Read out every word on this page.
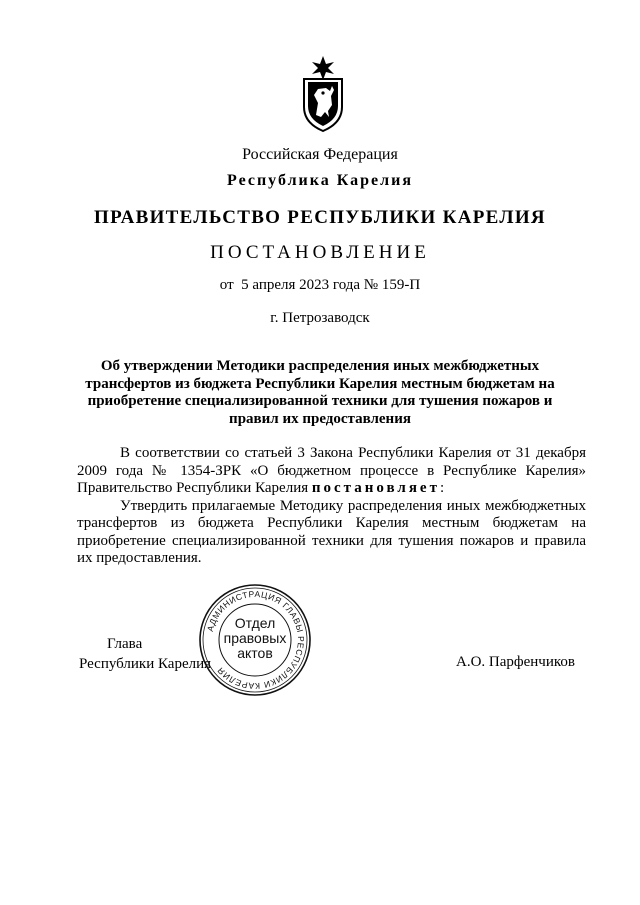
Российская Федерация
Республика Карелия
ПРАВИТЕЛЬСТВО РЕСПУБЛИКИ КАРЕЛИЯ
ПОСТАНОВЛЕНИЕ
от  5 апреля 2023 года № 159-П
г. Петрозаводск
Об утверждении Методики распределения иных межбюджетных трансфертов из бюджета Республики Карелия местным бюджетам на приобретение специализированной техники для тушения пожаров и правил их предоставления

В соответствии со статьей 3 Закона Республики Карелия от 31 декабря 2009 года № 1354-ЗРК «О бюджетном процессе в Республике Карелия» Правительство Республики Карелия постановляет:

Утвердить прилагаемые Методику распределения иных межбюджетных трансфертов из бюджета Республики Карелия местным бюджетам на приобретение специализированной техники для тушения пожаров и правила их предоставления.

Глава
Республики Карелия	А.О. Парфенчиков
АДМИНИСТРАЦИЯ ГЛАВЫ РЕСПУБЛИКИ КАРЕЛИЯ
Отдел
правовых
актов
